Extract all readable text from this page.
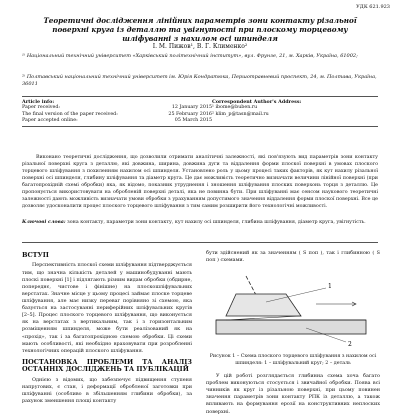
УДК 621.923
Теоретичні дослідження лінійних параметрів зони контакту різальної поверхні круга із деталлю та увігнутості при плоскому торцевому шліфуванні з нахилом осі шпинделя
І. М. Пижов¹, В. Г. Клименко²
¹⁾ Національний технічний університет «Харківський політехнічний інститут», вул. Фрунзе, 21, м. Харків, Україна, 61002;
²⁾ Полтавський національний технічний університет ім. Юрія Кондратюка, Першотравневий проспект, 24, м. Полтава, Україна, 36011
Article info:
Paper received:	12 January 2015
The final version of the paper received:	25 February 2016
Paper accepted online:	05 March 2015
Correspondent Author's Address:
¹ ibome@buben.ru
² klim_p@tasn@mail.ru
Виконано теоретичні дослідження, що дозволили отримати аналітичні залежності, які пов'язують вид параметрів зони контакту різальної поверхні круга з деталлю, які довжина, ширина, довжина дуги та віддалення форми плоскої поверхні в умовах плоского торцевого шліфування з похиленням нахилом осі шпинделя. Установлено роль у цьому процесі таких факторів, як кут нахилу різальної поверхні осі шпинделя, глибину шліфування та діаметр круга. Це дає можливість теоретично визначати величини лінійної поверхні (при багатопрохідній схемі обробки) яка, як відомо, показник утруднення і зношення шліфування плоских поверхонь торця з деталлю. Це пропонується використовувати на обробленій поверхні деталі, яка не повинна бути. При шліфуванні має сенсом наукового теоретичні залежності дають можливість визначати умови обробки з урахуванням допустимого значення віддалення форми плоскої поверхні. Все це дозволяє удосконалити процес плоского торцевого шліфування з тим самим розширити його технологічні можливості.
Ключові слова: зона контакту, параметри зони контакту, кут нахилу осі шпинделя, глибина шліфування, діаметр круга, увігнутість.
ВСТУП
Перспективність плоскої схеми шліфування підтверджується тим, що значна кількість деталей у машинобудуванні мають плоскі поверхні [1] і підлягають різним видам обробки (обдирне, попереднє, чистове і фінішне) на плоскошліфувальних верстатах. Значне місце у цьому процесі займає плоске торцеве шліфування, але має низку переваг порівняно зі схемою, яка базується на застосуванні периферійних шліфувальних кругів [2–5]. Процес плоского торцевого шліфування, що виконується як на верстатах з вертикальним, так і з горизонтальним розміщенням шпинделя, може бути реалізований як на «прохід», так і за багатопрохідною схемою обробки. Ці схеми мають особливості, які необхідно враховувати при розробленні технологічних операцій плоского шліфування.
ПОСТАНОВКА ПРОБЛЕМИ ТА АНАЛІЗ ОСТАННІХ ДОСЛІДЖЕНЬ ТА ПУБЛІКАЦІЙ
Однією з відомих, що забезпечує підвищення ступеня напругових, є стан, і деформації обробленої заготовки при шліфуванні (особливо в збільшенням глибини обробки), за рахунок зменшення площі контакту
бути здійснений як за значенням ( S поп ), так і глибинною ( S поп ) схемами.
1
2
Рисунок 1 – Схема плоского торцевого шліфування з нахилом осі шпинделя: 1 – шліфувальний круг; 2 – деталь
У цій роботі розглядається глибинна схема хоча багато проблем виконуються стосується і звичайної обробки. Поява всі чинників як круг із різальною поверхні, при цьому повинен значення параметрів зони контакту РПК із деталлю, а також впливають на формування ерозії на конструктивних неплоских поверхні.
